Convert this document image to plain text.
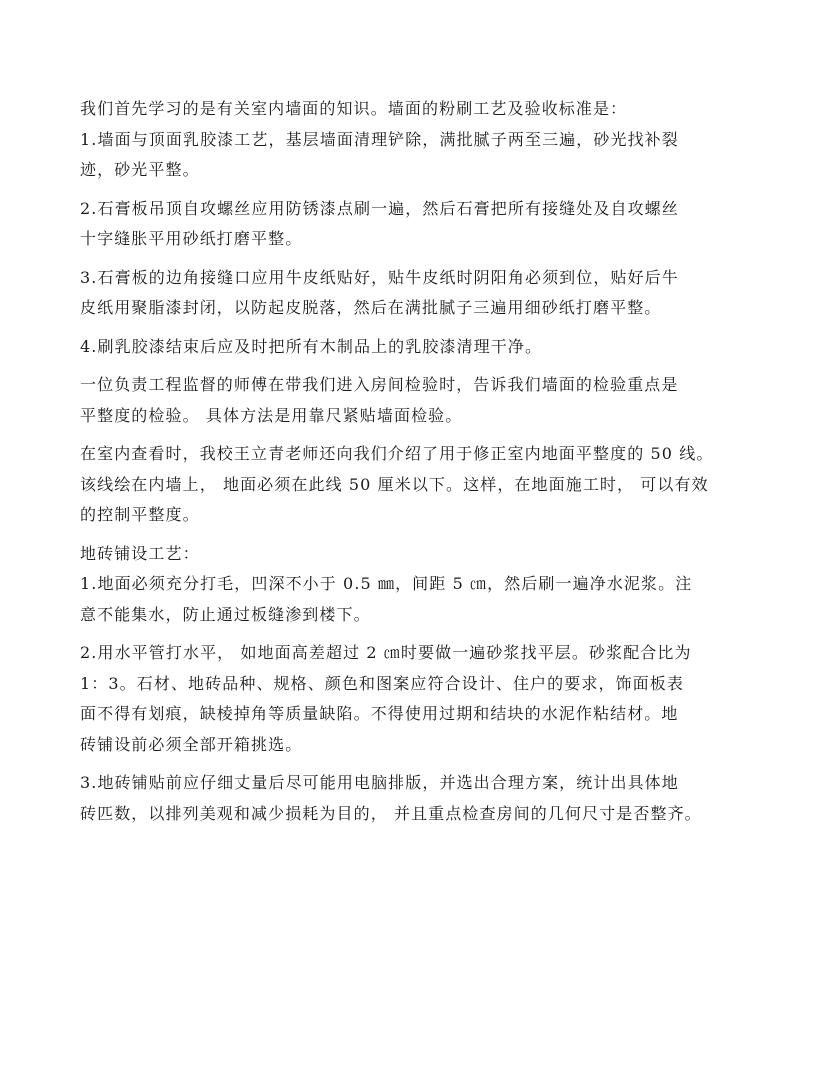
我们首先学习的是有关室内墙面的知识。墙面的粉刷工艺及验收标准是：
1.墙面与顶面乳胶漆工艺，基层墙面清理铲除，满批腻子两至三遍，砂光找补裂
迹，砂光平整。
2.石膏板吊顶自攻螺丝应用防锈漆点刷一遍，然后石膏把所有接缝处及自攻螺丝
十字缝胀平用砂纸打磨平整。
3.石膏板的边角接缝口应用牛皮纸贴好，贴牛皮纸时阴阳角必须到位，贴好后牛
皮纸用聚脂漆封闭，以防起皮脱落，然后在满批腻子三遍用细砂纸打磨平整。
4.刷乳胶漆结束后应及时把所有木制品上的乳胶漆清理干净。
一位负责工程监督的师傅在带我们进入房间检验时，告诉我们墙面的检验重点是
平整度的检验。 具体方法是用靠尺紧贴墙面检验。
在室内查看时，我校王立青老师还向我们介绍了用于修正室内地面平整度的 50 线。
该线绘在内墙上， 地面必须在此线 50 厘米以下。这样，在地面施工时， 可以有效
的控制平整度。
地砖铺设工艺：
1.地面必须充分打毛，凹深不小于 0.5 ㎜，间距 5 ㎝，然后刷一遍净水泥浆。注
意不能集水，防止通过板缝渗到楼下。
2.用水平管打水平， 如地面高差超过 2 ㎝时要做一遍砂浆找平层。砂浆配合比为
1：3。石材、地砖品种、规格、颜色和图案应符合设计、住户的要求，饰面板表
面不得有划痕，缺棱掉角等质量缺陷。不得使用过期和结块的水泥作粘结材。地
砖铺设前必须全部开箱挑选。
3.地砖铺贴前应仔细丈量后尽可能用电脑排版，并选出合理方案，统计出具体地
砖匹数，以排列美观和减少损耗为目的， 并且重点检查房间的几何尺寸是否整齐。
